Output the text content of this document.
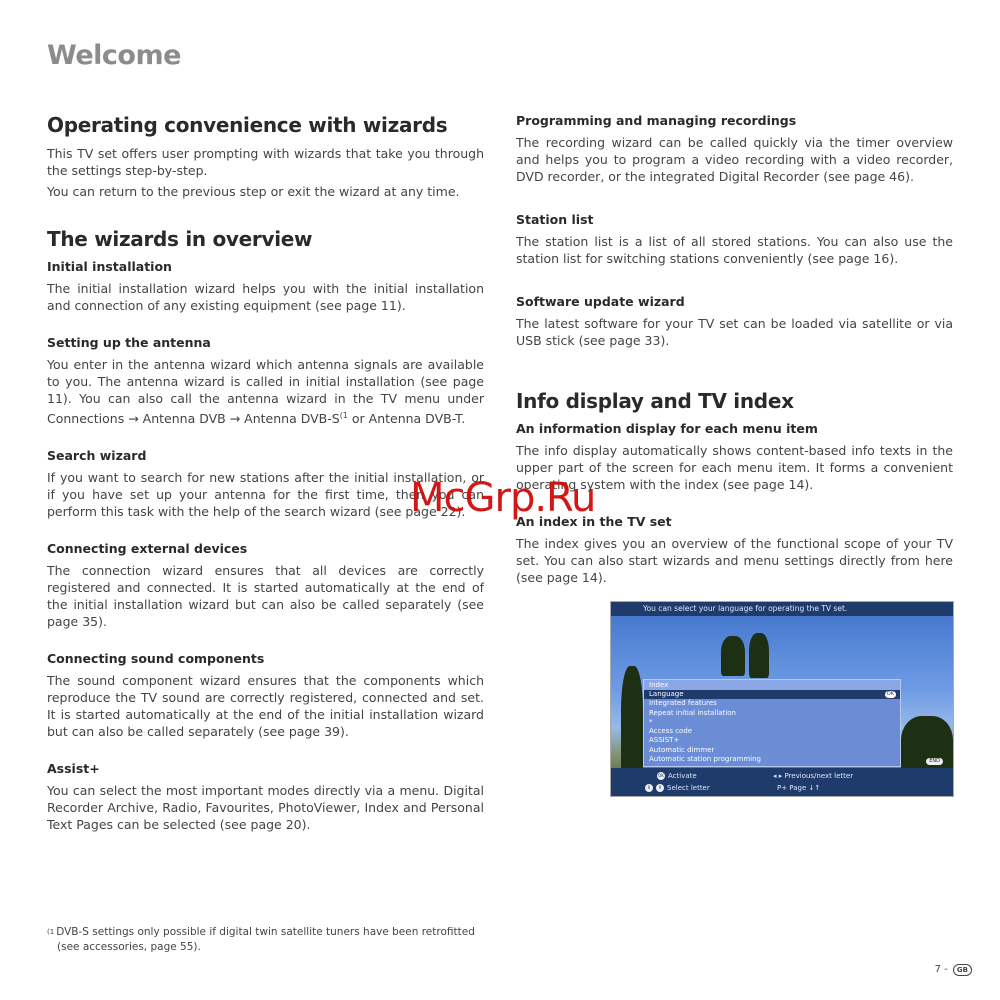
Welcome
Operating convenience with wizards

This TV set offers user prompting with wizards that take you through the settings step-by-step.

You can return to the previous step or exit the wizard at any time.

The wizards in overview
Initial installation

The initial installation wizard helps you with the initial installation and connection of any existing equipment (see page 11).

Setting up the antenna

You enter in the antenna wizard which antenna signals are available to you. The antenna wizard is called in initial installation (see page 11). You can also call the antenna wizard in the TV menu under Connections → Antenna DVB → Antenna DVB-$S^{(1}$ or Antenna DVB-T.

Search wizard

If you want to search for new stations after the initial installation, or if you have set up your antenna for the first time, then you can perform this task with the help of the search wizard (see page 22).

Connecting external devices

The connection wizard ensures that all devices are correctly registered and connected. It is started automatically at the end of the initial installation wizard but can also be called separately (see page 35).

Connecting sound components

The sound component wizard ensures that the components which reproduce the TV sound are correctly registered, connected and set. It is started automatically at the end of the initial installation wizard but can also be called separately (see page 39).

Assist+

You can select the most important modes directly via a menu. Digital Recorder Archive, Radio, Favourites, PhotoViewer, Index and Personal Text Pages can be selected (see page 20).

Programming and managing recordings

The recording wizard can be called quickly via the timer overview and helps you to program a video recording with a video recorder, DVD recorder, or the integrated Digital Recorder (see page 46).

Station list

The station list is a list of all stored stations. You can also use the station list for switching stations conveniently (see page 16).

Software update wizard

The latest software for your TV set can be loaded via satellite or via USB stick (see page 33).

Info display and TV index
An information display for each menu item

The info display automatically shows content-based info texts in the upper part of the screen for each menu item. It forms a convenient operating system with the index (see page 14).

An index in the TV set

The index gives you an overview of the functional scope of your TV set. You can also start wizards and menu settings directly from here (see page 14).

You can select your language for operating the TV set.
Index
Language	OK
Integrated features
Repeat initial installation
*
Access code
ASSIST+
Automatic dimmer
Automatic station programming	END
OK Activate	◂ ▸ Previous/next letter
0 9 Select letter	P+ Page ↓↑
McGrp.Ru
$^{(1}$ DVB-S settings only possible if digital twin satellite tuners have been retrofitted
(see accessories, page 55).
7 - GB
